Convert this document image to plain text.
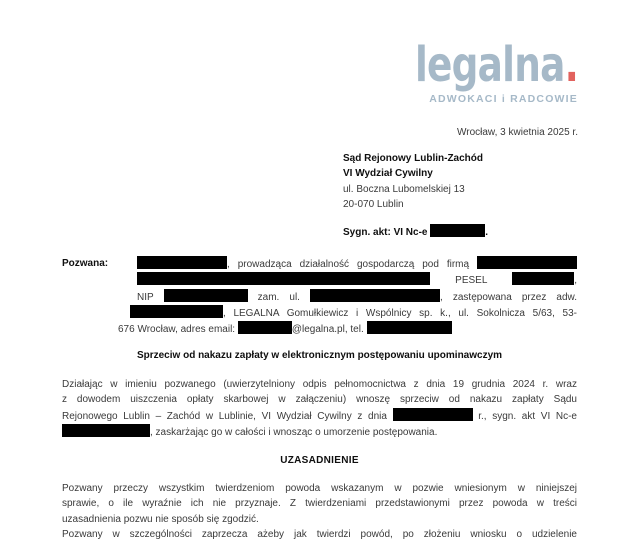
legalna.
ADWOKACI i RADCOWIE
Wrocław, 3 kwietnia 2025 r.
Sąd Rejonowy Lublin-Zachód
VI Wydział Cywilny
ul. Boczna Lubomelskiej 13
20-070 Lublin
Sygn. akt: VI Nc-e	.
Pozwana:	, prowadząca działalność gospodarczą pod firmą
PESEL	,
NIP	zam. ul.	, zastępowana przez adw.
, LEGALNA Gomułkiewicz i Wspólnicy sp. k., ul. Sokolnicza 5/63, 53-
676 Wrocław, adres email:	@legalna.pl, tel.
Sprzeciw od nakazu zapłaty w elektronicznym postępowaniu upominawczym
Działając w imieniu pozwanego (uwierzytelniony odpis pełnomocnictwa z dnia 19 grudnia 2024 r. wraz
z dowodem uiszczenia opłaty skarbowej w załączeniu) wnoszę sprzeciw od nakazu zapłaty Sądu
Rejonowego Lublin – Zachód w Lublinie, VI Wydział Cywilny z dnia	r., sygn. akt VI Nc-e
, zaskarżając go w całości i wnosząc o umorzenie postępowania.
UZASADNIENIE
Pozwany przeczy wszystkim twierdzeniom powoda wskazanym w pozwie wniesionym w niniejszej
sprawie, o ile wyraźnie ich nie przyznaje. Z twierdzeniami przedstawionymi przez powoda w treści
uzasadnienia pozwu nie sposób się zgodzić.
Pozwany w szczególności zaprzecza ażeby jak twierdzi powód, po złożeniu wniosku o udzielenie
